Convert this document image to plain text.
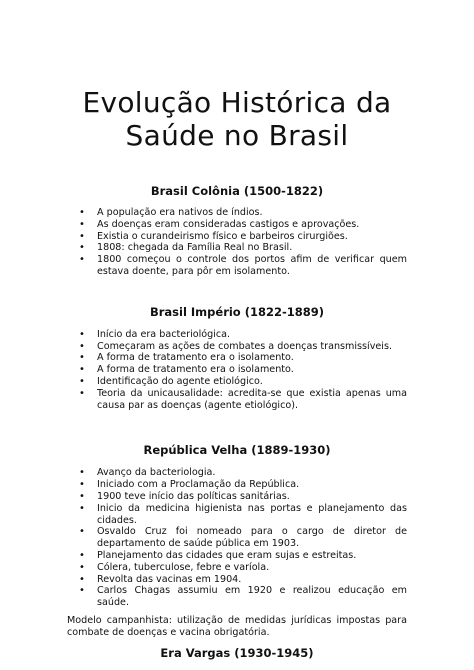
Evolução Histórica da Saúde no Brasil
Brasil Colônia (1500-1822)
• A população era nativos de índios.
• As doenças eram consideradas castigos e aprovações.
• Existia o curandeirismo físico e barbeiros cirurgiões.
• 1808: chegada da Família Real no Brasil.
• 1800 começou o controle dos portos afim de verificar quem estava doente, para pôr em isolamento.
Brasil Império (1822-1889)
• Início da era bacteriológica.
• Começaram as ações de combates a doenças transmissíveis.
• A forma de tratamento era o isolamento.
• A forma de tratamento era o isolamento.
• Identificação do agente etiológico.
• Teoria da unicausalidade: acredita-se que existia apenas uma causa par as doenças (agente etiológico).
República Velha (1889-1930)
• Avanço da bacteriologia.
• Iniciado com a Proclamação da República.
• 1900 teve início das políticas sanitárias.
• Inicio da medicina higienista nas portas e planejamento das cidades.
• Osvaldo Cruz foi nomeado para o cargo de diretor de departamento de saúde pública em 1903.
• Planejamento das cidades que eram sujas e estreitas.
• Cólera, tuberculose, febre e varíola.
• Revolta das vacinas em 1904.
• Carlos Chagas assumiu em 1920 e realizou educação em saúde.

Modelo campanhista: utilização de medidas jurídicas impostas para combate de doenças e vacina obrigatória.

Era Vargas (1930-1945)
